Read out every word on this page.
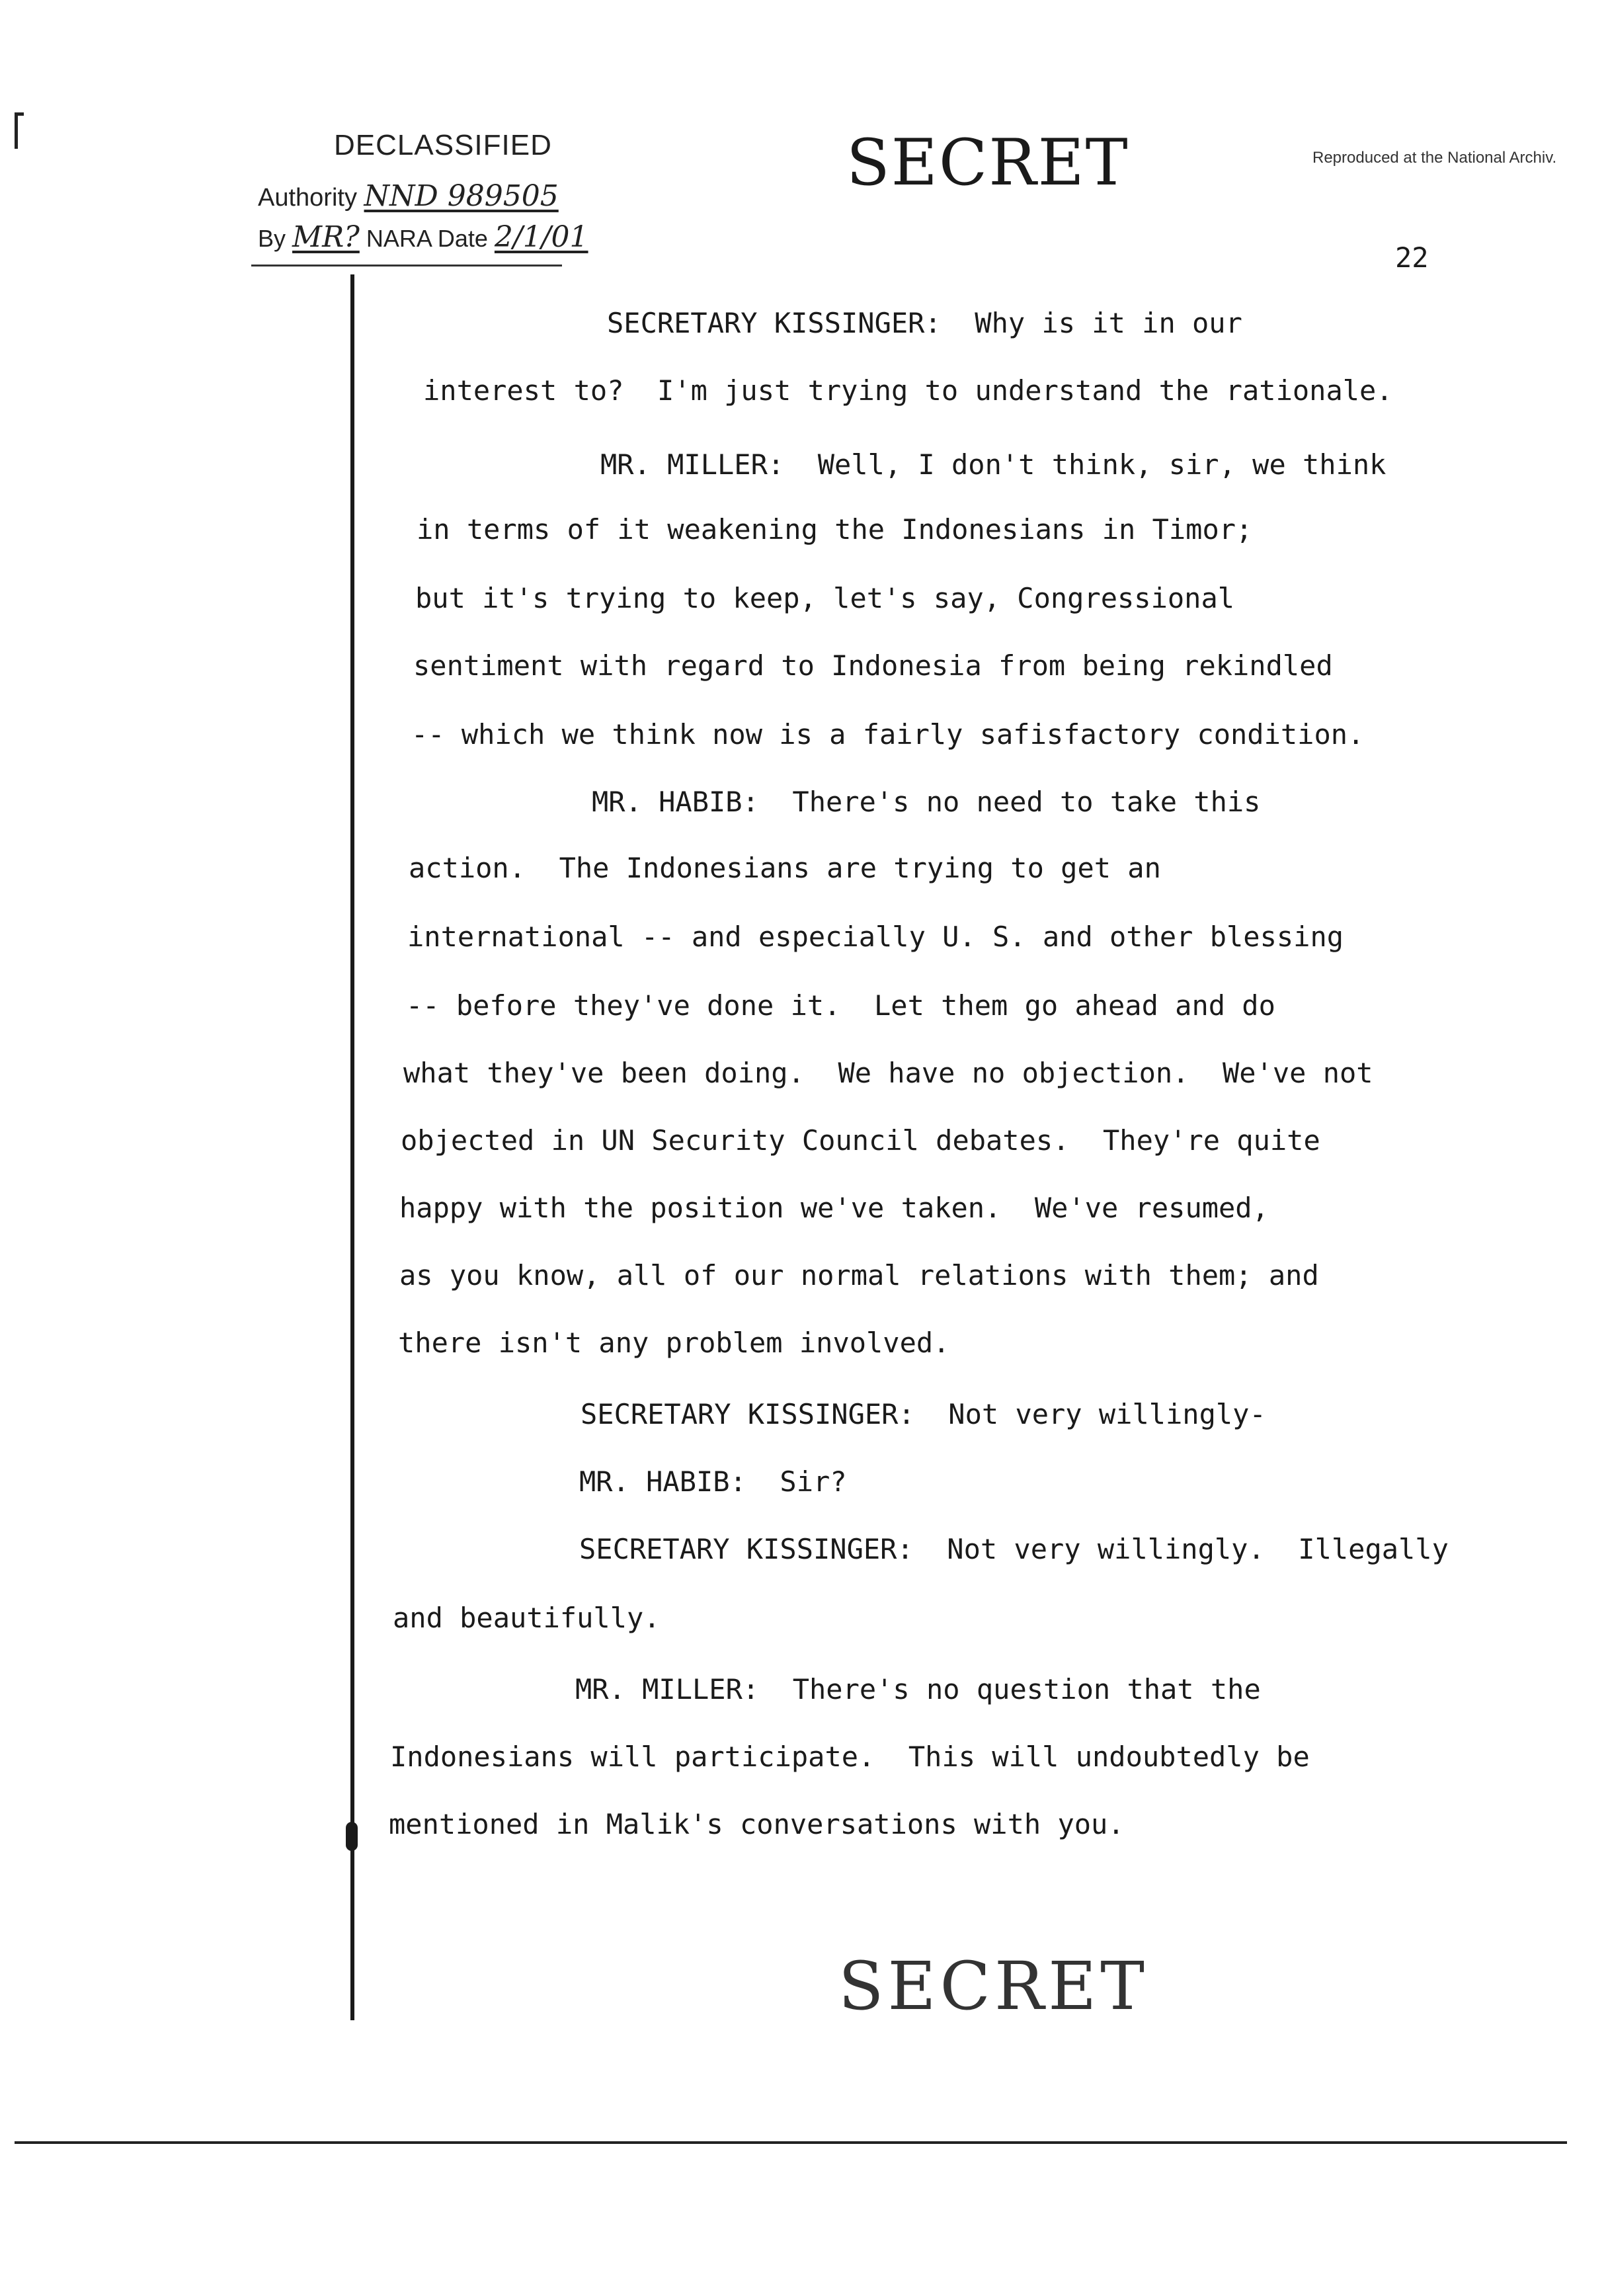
DECLASSIFIED
Authority NND 989505
By MR? NARA Date 2/1/01
SECRET	Reproduced at the National Archiv.
22
SECRETARY KISSINGER:  Why is it in our
interest to?  I'm just trying to understand the rationale.
MR. MILLER:  Well, I don't think, sir, we think
in terms of it weakening the Indonesians in Timor;
but it's trying to keep, let's say, Congressional
sentiment with regard to Indonesia from being rekindled
-- which we think now is a fairly safisfactory condition.
MR. HABIB:  There's no need to take this
action.  The Indonesians are trying to get an
international -- and especially U. S. and other blessing
-- before they've done it.  Let them go ahead and do
what they've been doing.  We have no objection.  We've not
objected in UN Security Council debates.  They're quite
happy with the position we've taken.  We've resumed,
as you know, all of our normal relations with them; and
there isn't any problem involved.
SECRETARY KISSINGER:  Not very willingly-
MR. HABIB:  Sir?
SECRETARY KISSINGER:  Not very willingly.  Illegally
and beautifully.
MR. MILLER:  There's no question that the
Indonesians will participate.  This will undoubtedly be
mentioned in Malik's conversations with you.
SECRET
